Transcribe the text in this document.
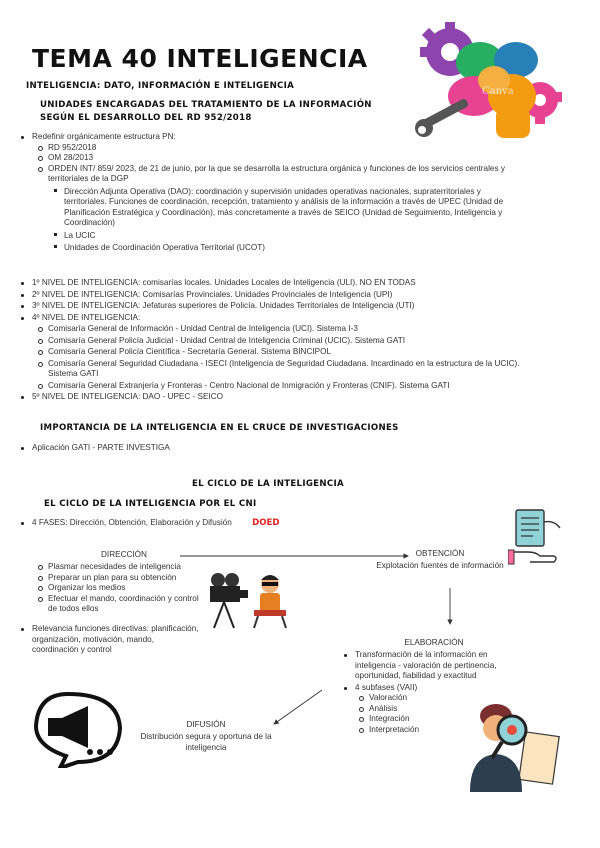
TEMA 40 INTELIGENCIA
Canva
INTELIGENCIA: DATO, INFORMACIÓN E INTELIGENCIA
UNIDADES ENCARGADAS DEL TRATAMIENTO DE LA INFORMACIÓN
SEGÚN EL DESARROLLO DEL RD 952/2018
Redefinir orgánicamente estructura PN:
RD 952/2018
OM 28/2013
ORDEN INT/ 859/ 2023, de 21 de junio, por la que se desarrolla la estructura orgánica y funciones de los servicios centrales y territoriales de la DGP
Dirección Adjunta Operativa (DAO): coordinación y supervisión unidades operativas nacionales, supraterritoriales y territoriales. Funciones de coordinación, recepción, tratamiento y análisis de la información a través de UPEC (Unidad de Planificación Estratégica y Coordinación), más concretamente a través de SEICO (Unidad de Seguimiento, Inteligencia y Coordinación)
La UCIC
Unidades de Coordinación Operativa Territorial (UCOT)
1º NIVEL DE INTELIGENCIA: comisarías locales. Unidades Locales de Inteligencia (ULI). NO EN TODAS
2º NIVEL DE INTELIGENCIA: Comisarías Provinciales. Unidades Provinciales de Inteligencia (UPI)
3º NIVEL DE INTELIGENCIA: Jefaturas superiores de Policía. Unidades Territoriales de Inteligencia (UTI)
4º NIVEL DE INTELIGENCIA:
Comisaría General de Información - Unidad Central de Inteligencia (UCI). Sistema I-3
Comisaría General Policía Judicial - Unidad Central de Inteligencia Criminal (UCIC). Sistema GATI
Comisaría General Policía Científica - Secretaría General. Sistema BINCIPOL
Comisaría General Seguridad Ciudadana - ISECI (Inteligencia de Seguridad Ciudadana. Incardinado en la estructura de la UCIC). Sistema GATI
Comisaría General Extranjería y Fronteras - Centro Nacional de Inmigración y Fronteras (CNIF). Sistema GATI
5º NIVEL DE INTELIGENCIA: DAO - UPEC - SEICO
IMPORTANCIA DE LA INTELIGENCIA EN EL CRUCE DE INVESTIGACIONES
Aplicación GATI - PARTE INVESTIGA
EL CICLO DE LA INTELIGENCIA
EL CICLO DE LA INTELIGENCIA POR EL CNI
4 FASES: Dirección, Obtención, Elaboración y Difusión DOED
DIRECCIÓN
Plasmar necesidades de inteligencia
Preparar un plan para su obtención
Organizar los medios
Efectuar el mando, coordinación y control de todos ellos
Relevancia funciones directivas: planificación, organización, motivación, mando, coordinación y control
OBTENCIÓN
Explotación fuentes de información
ELABORACIÓN
Transformación de la información en inteligencia - valoración de pertinencia, oportunidad, fiabilidad y exactitud
4 subfases (VAII)
Valoración
Análisis
Integración
Interpretación
DIFUSIÓN
Distribución segura y oportuna de la inteligencia
